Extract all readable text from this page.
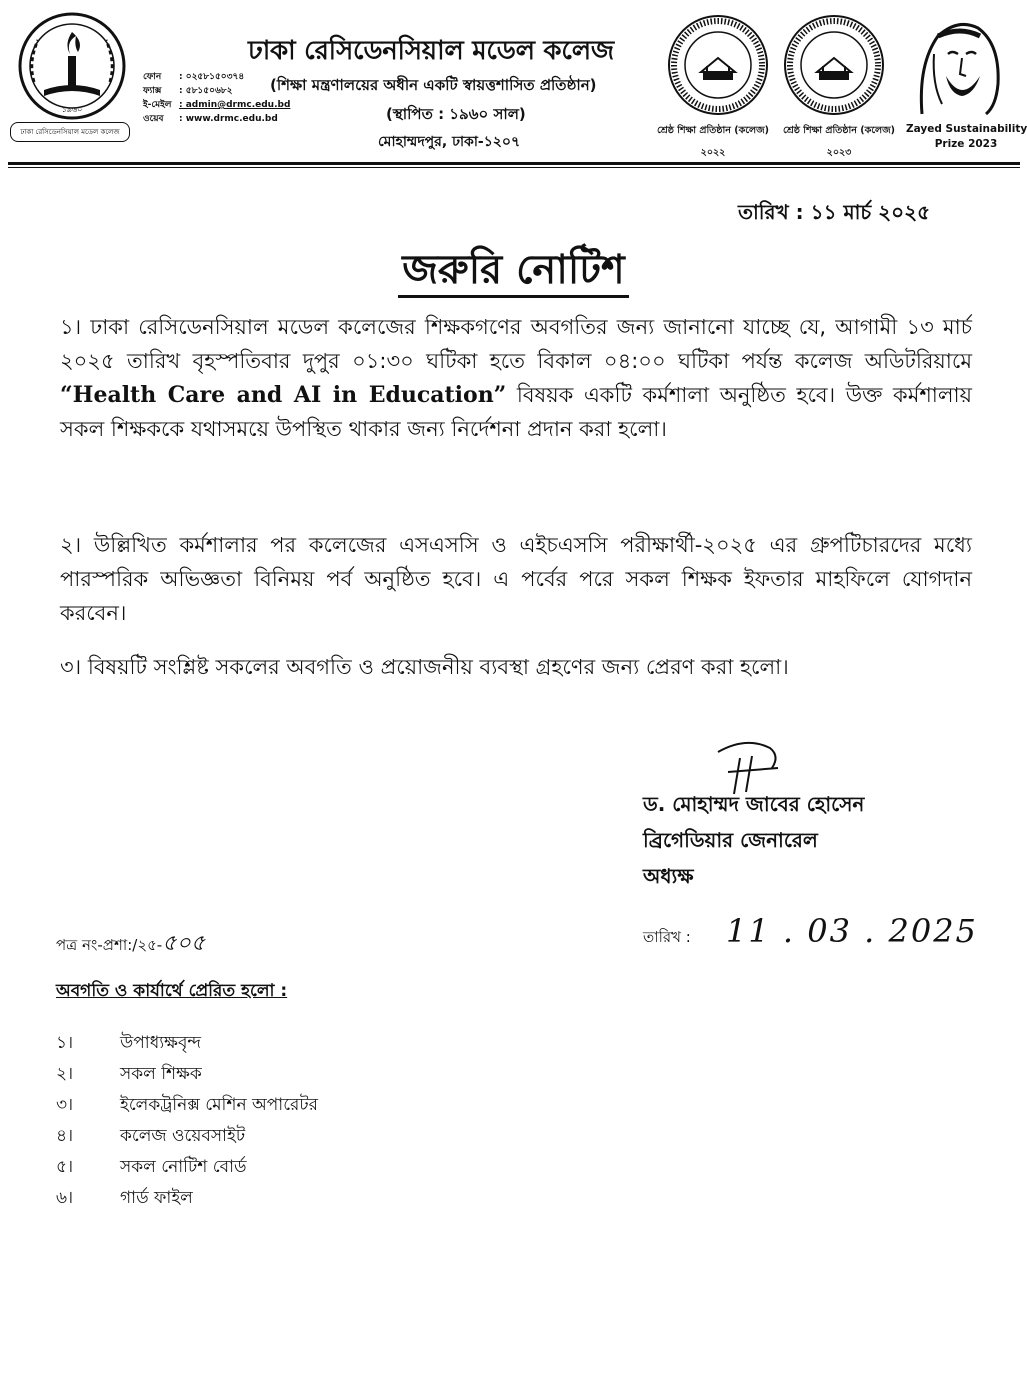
১৯৬০
ঢাকা রেসিডেনসিয়াল মডেল কলেজ
ফোন	: ০২৫৮১৫০৩৭৪
ফ্যাক্স	: ৫৮১৫০৬৮২
ই-মেইল : admin@drmc.edu.bd
ওয়েব	: www.drmc.edu.bd
ঢাকা রেসিডেনসিয়াল মডেল কলেজ
(শিক্ষা মন্ত্রণালয়ের অধীন একটি স্বায়ত্তশাসিত প্রতিষ্ঠান)
(স্থাপিত : ১৯৬০ সাল)
মোহাম্মদপুর, ঢাকা-১২০৭
শ্রেষ্ঠ শিক্ষা প্রতিষ্ঠান (কলেজ)
২০২২
শ্রেষ্ঠ শিক্ষা প্রতিষ্ঠান (কলেজ)
২০২৩
Zayed Sustainability
Prize 2023
তারিখ : ১১ মার্চ ২০২৫
জরুরি নোটিশ
১। ঢাকা রেসিডেনসিয়াল মডেল কলেজের শিক্ষকগণের অবগতির জন্য জানানো যাচ্ছে যে, আগামী ১৩ মার্চ ২০২৫ তারিখ বৃহস্পতিবার দুপুর ০১:৩০ ঘটিকা হতে বিকাল ০৪:০০ ঘটিকা পর্যন্ত কলেজ অডিটরিয়ামে “Health Care and AI in Education” বিষয়ক একটি কর্মশালা অনুষ্ঠিত হবে। উক্ত কর্মশালায় সকল শিক্ষককে যথাসময়ে উপস্থিত থাকার জন্য নির্দেশনা প্রদান করা হলো।
২। উল্লিখিত কর্মশালার পর কলেজের এসএসসি ও এইচএসসি পরীক্ষার্থী-২০২৫ এর গ্রুপটিচারদের মধ্যে পারস্পরিক অভিজ্ঞতা বিনিময় পর্ব অনুষ্ঠিত হবে। এ পর্বের পরে সকল শিক্ষক ইফতার মাহফিলে যোগদান করবেন।
৩। বিষয়টি সংশ্লিষ্ট সকলের অবগতি ও প্রয়োজনীয় ব্যবস্থা গ্রহণের জন্য প্রেরণ করা হলো।
ড. মোহাম্মদ জাবের হোসেন
ব্রিগেডিয়ার জেনারেল
অধ্যক্ষ
পত্র নং-প্রশা:/২৫-৫০৫	তারিখ : 11 . 03 . 2025
অবগতি ও কার্যার্থে প্রেরিত হলো :
১।	উপাধ্যক্ষবৃন্দ
২।	সকল শিক্ষক
৩।	ইলেকট্রনিক্স মেশিন অপারেটর
৪।	কলেজ ওয়েবসাইট
৫।	সকল নোটিশ বোর্ড
৬।	গার্ড ফাইল
